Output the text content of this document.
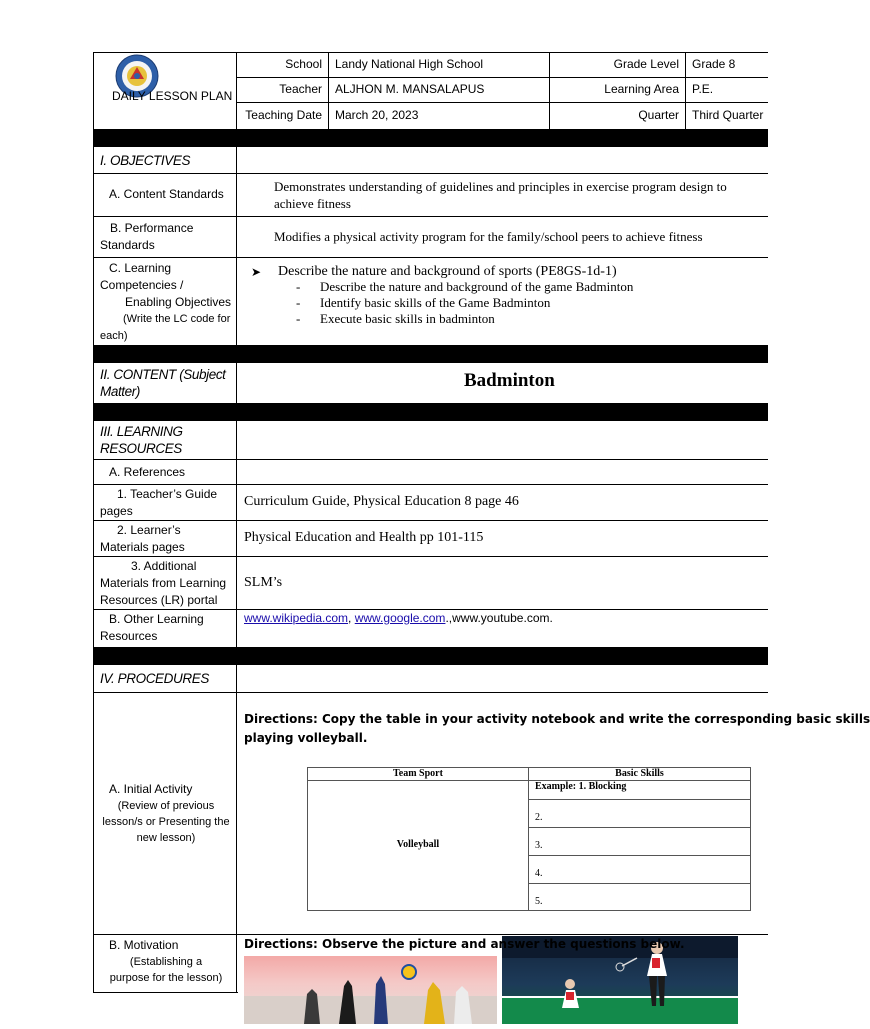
DAILY LESSON PLAN
School Landy National High School
Teacher ALJHON M. MANSALAPUS
Teaching Date March 20, 2023
Grade Level Grade 8
Learning Area P.E.
Quarter Third Quarter
I. OBJECTIVES
A. Content Standards	Demonstrates understanding of guidelines and principles in exercise program design to
achieve fitness
B. Performance
Standards
Modifies a physical activity program for the family/school peers to achieve fitness
C. Learning
Competencies /
Enabling Objectives
(Write the LC code for
each)
➤ Describe the nature and background of sports (PE8GS-1d-1)
- Describe the nature and background of the game Badminton
- Identify basic skills of the Game Badminton
- Execute basic skills in badminton
II. CONTENT (Subject
Matter)
Badminton
III. LEARNING
RESOURCES
A. References
1. Teacher’s Guide
pages
Curriculum Guide, Physical Education 8 page 46
2. Learner’s
Materials pages
Physical Education and Health pp 101-115
3. Additional
Materials from Learning
Resources (LR) portal
SLM’s
B. Other Learning
Resources
www.wikipedia.com, www.google.com.,www.youtube.com.
IV. PROCEDURES
A. Initial Activity
(Review of previous
lesson/s or Presenting the
new lesson)
Directions: Copy the table in your activity notebook and write the corresponding basic skills
playing volleyball.
Team Sport	Basic Skills
Volleyball
Example: 1. Blocking
2.
3.
4.
5.
B. Motivation
(Establishing a
purpose for the lesson)
Directions: Observe the picture and answer the questions below.
